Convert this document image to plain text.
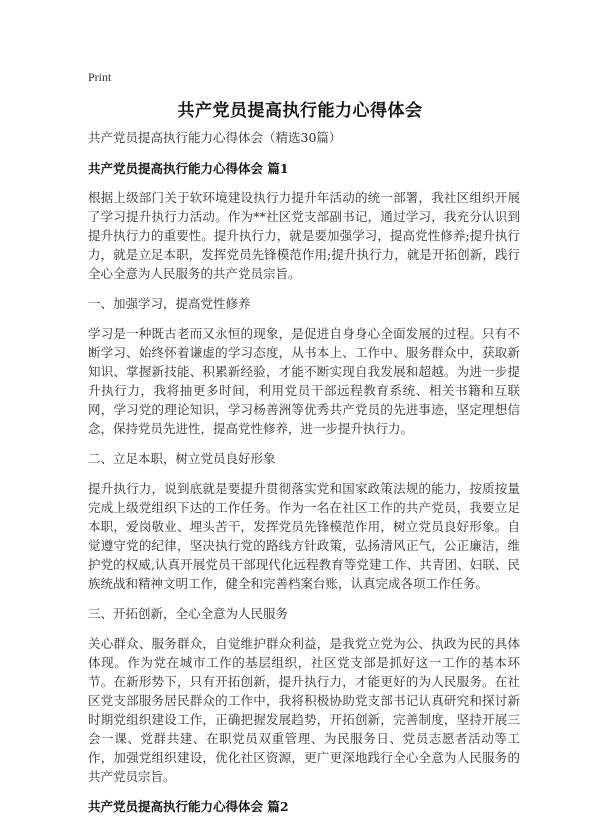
Print
共产党员提高执行能力心得体会

共产党员提高执行能力心得体会（精选30篇）

共产党员提高执行能力心得体会 篇1

根据上级部门关于软环境建设执行力提升年活动的统一部署，我社区组织开展了学习提升执行力活动。作为**社区党支部副书记，通过学习，我充分认识到提升执行力的重要性。提升执行力，就是要加强学习，提高党性修养;提升执行力，就是立足本职，发挥党员先锋模范作用;提升执行力，就是开拓创新，践行全心全意为人民服务的共产党员宗旨。

一、加强学习，提高党性修养

学习是一种既古老而又永恒的现象，是促进自身身心全面发展的过程。只有不断学习、始终怀着谦虚的学习态度，从书本上、工作中、服务群众中，获取新知识、掌握新技能、积累新经验，才能不断实现自我发展和超越。为进一步提升执行力，我将抽更多时间，利用党员干部远程教育系统、相关书籍和互联网，学习党的理论知识，学习杨善洲等优秀共产党员的先进事迹，坚定理想信念，保持党员先进性，提高党性修养，进一步提升执行力。

二、立足本职，树立党员良好形象

提升执行力，说到底就是要提升贯彻落实党和国家政策法规的能力，按质按量完成上级党组织下达的工作任务。作为一名在社区工作的共产党员，我要立足本职，爱岗敬业、埋头苦干，发挥党员先锋模范作用，树立党员良好形象。自觉遵守党的纪律，坚决执行党的路线方针政策，弘扬清风正气，公正廉洁，维护党的权威,认真开展党员干部现代化远程教育等党建工作、共青团、妇联、民族统战和精神文明工作，健全和完善档案台账，认真完成各项工作任务。

三、开拓创新，全心全意为人民服务

关心群众、服务群众，自觉维护群众利益，是我党立党为公、执政为民的具体体现。作为党在城市工作的基层组织，社区党支部是抓好这一工作的基本环节。在新形势下，只有开拓创新，提升执行力，才能更好的为人民服务。在社区党支部服务居民群众的工作中，我将积极协助党支部书记认真研究和探讨新时期党组织建设工作，正确把握发展趋势，开拓创新，完善制度，坚持开展三会一课、党群共建、在职党员双重管理、为民服务日、党员志愿者活动等工作，加强党组织建设，优化社区资源，更广更深地践行全心全意为人民服务的共产党员宗旨。

共产党员提高执行能力心得体会 篇2
